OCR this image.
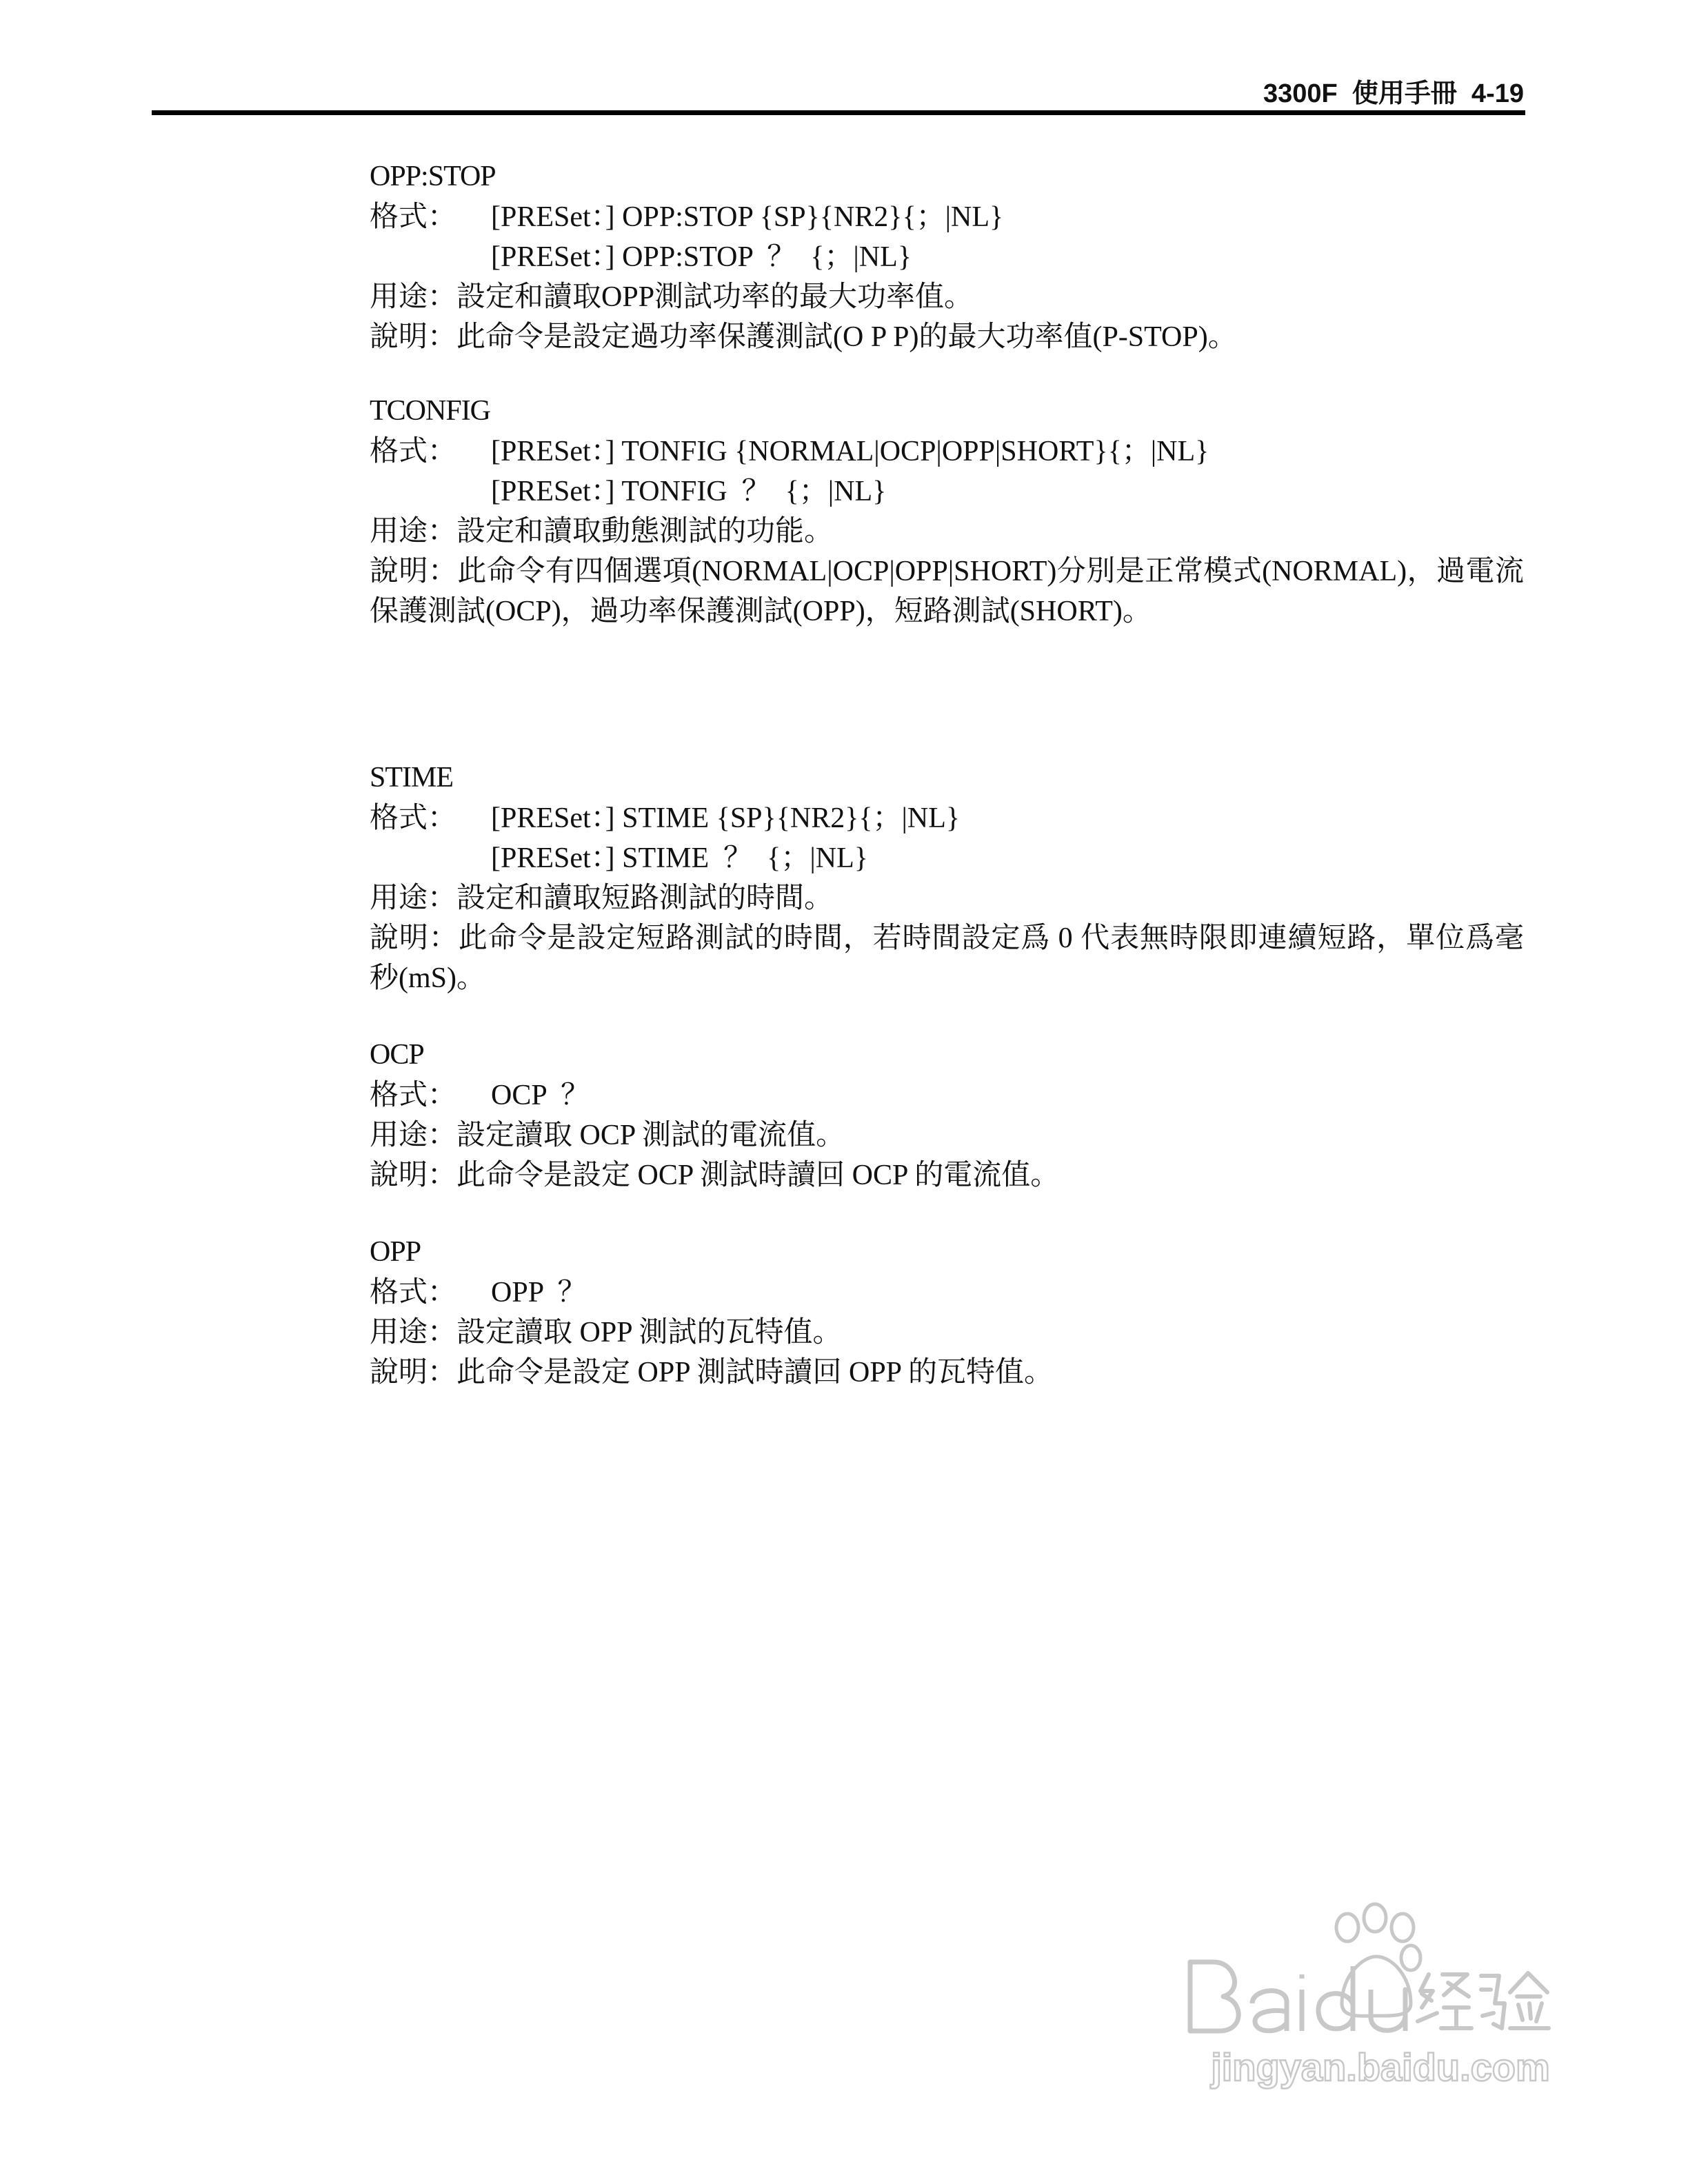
3300F  使用手冊  4-19
OPP:STOP
格式：	[PRESet：] OPP:STOP {SP}{NR2}{；|NL}
[PRESet：] OPP:STOP  ？  {；|NL}

用途：設定和讀取OPP測試功率的最大功率值。

說明：此命令是設定過功率保護測試(O P P)的最大功率值(P-STOP)。

TCONFIG
格式：	[PRESet：] TONFIG {NORMAL|OCP|OPP|SHORT}{；|NL}
[PRESet：] TONFIG  ？  {；|NL}

用途：設定和讀取動態測試的功能。

說明：此命令有四個選項(NORMAL|OCP|OPP|SHORT)分別是正常模式(NORMAL)，過電流保護測試(OCP)，過功率保護測試(OPP)，短路測試(SHORT)。

STIME
格式：	[PRESet：] STIME {SP}{NR2}{；|NL}
[PRESet：] STIME  ？  {；|NL}

用途：設定和讀取短路測試的時間。

說明：此命令是設定短路測試的時間，若時間設定爲 0 代表無時限即連續短路，單位爲毫秒(mS)。

OCP
格式：	OCP  ？

用途：設定讀取 OCP 測試的電流值。

說明：此命令是設定 OCP 測試時讀回 OCP 的電流值。

OPP
格式：	OPP  ？

用途：設定讀取 OPP 測試的瓦特值。

說明：此命令是設定 OPP 測試時讀回 OPP 的瓦特值。

jingyan.baidu.com
